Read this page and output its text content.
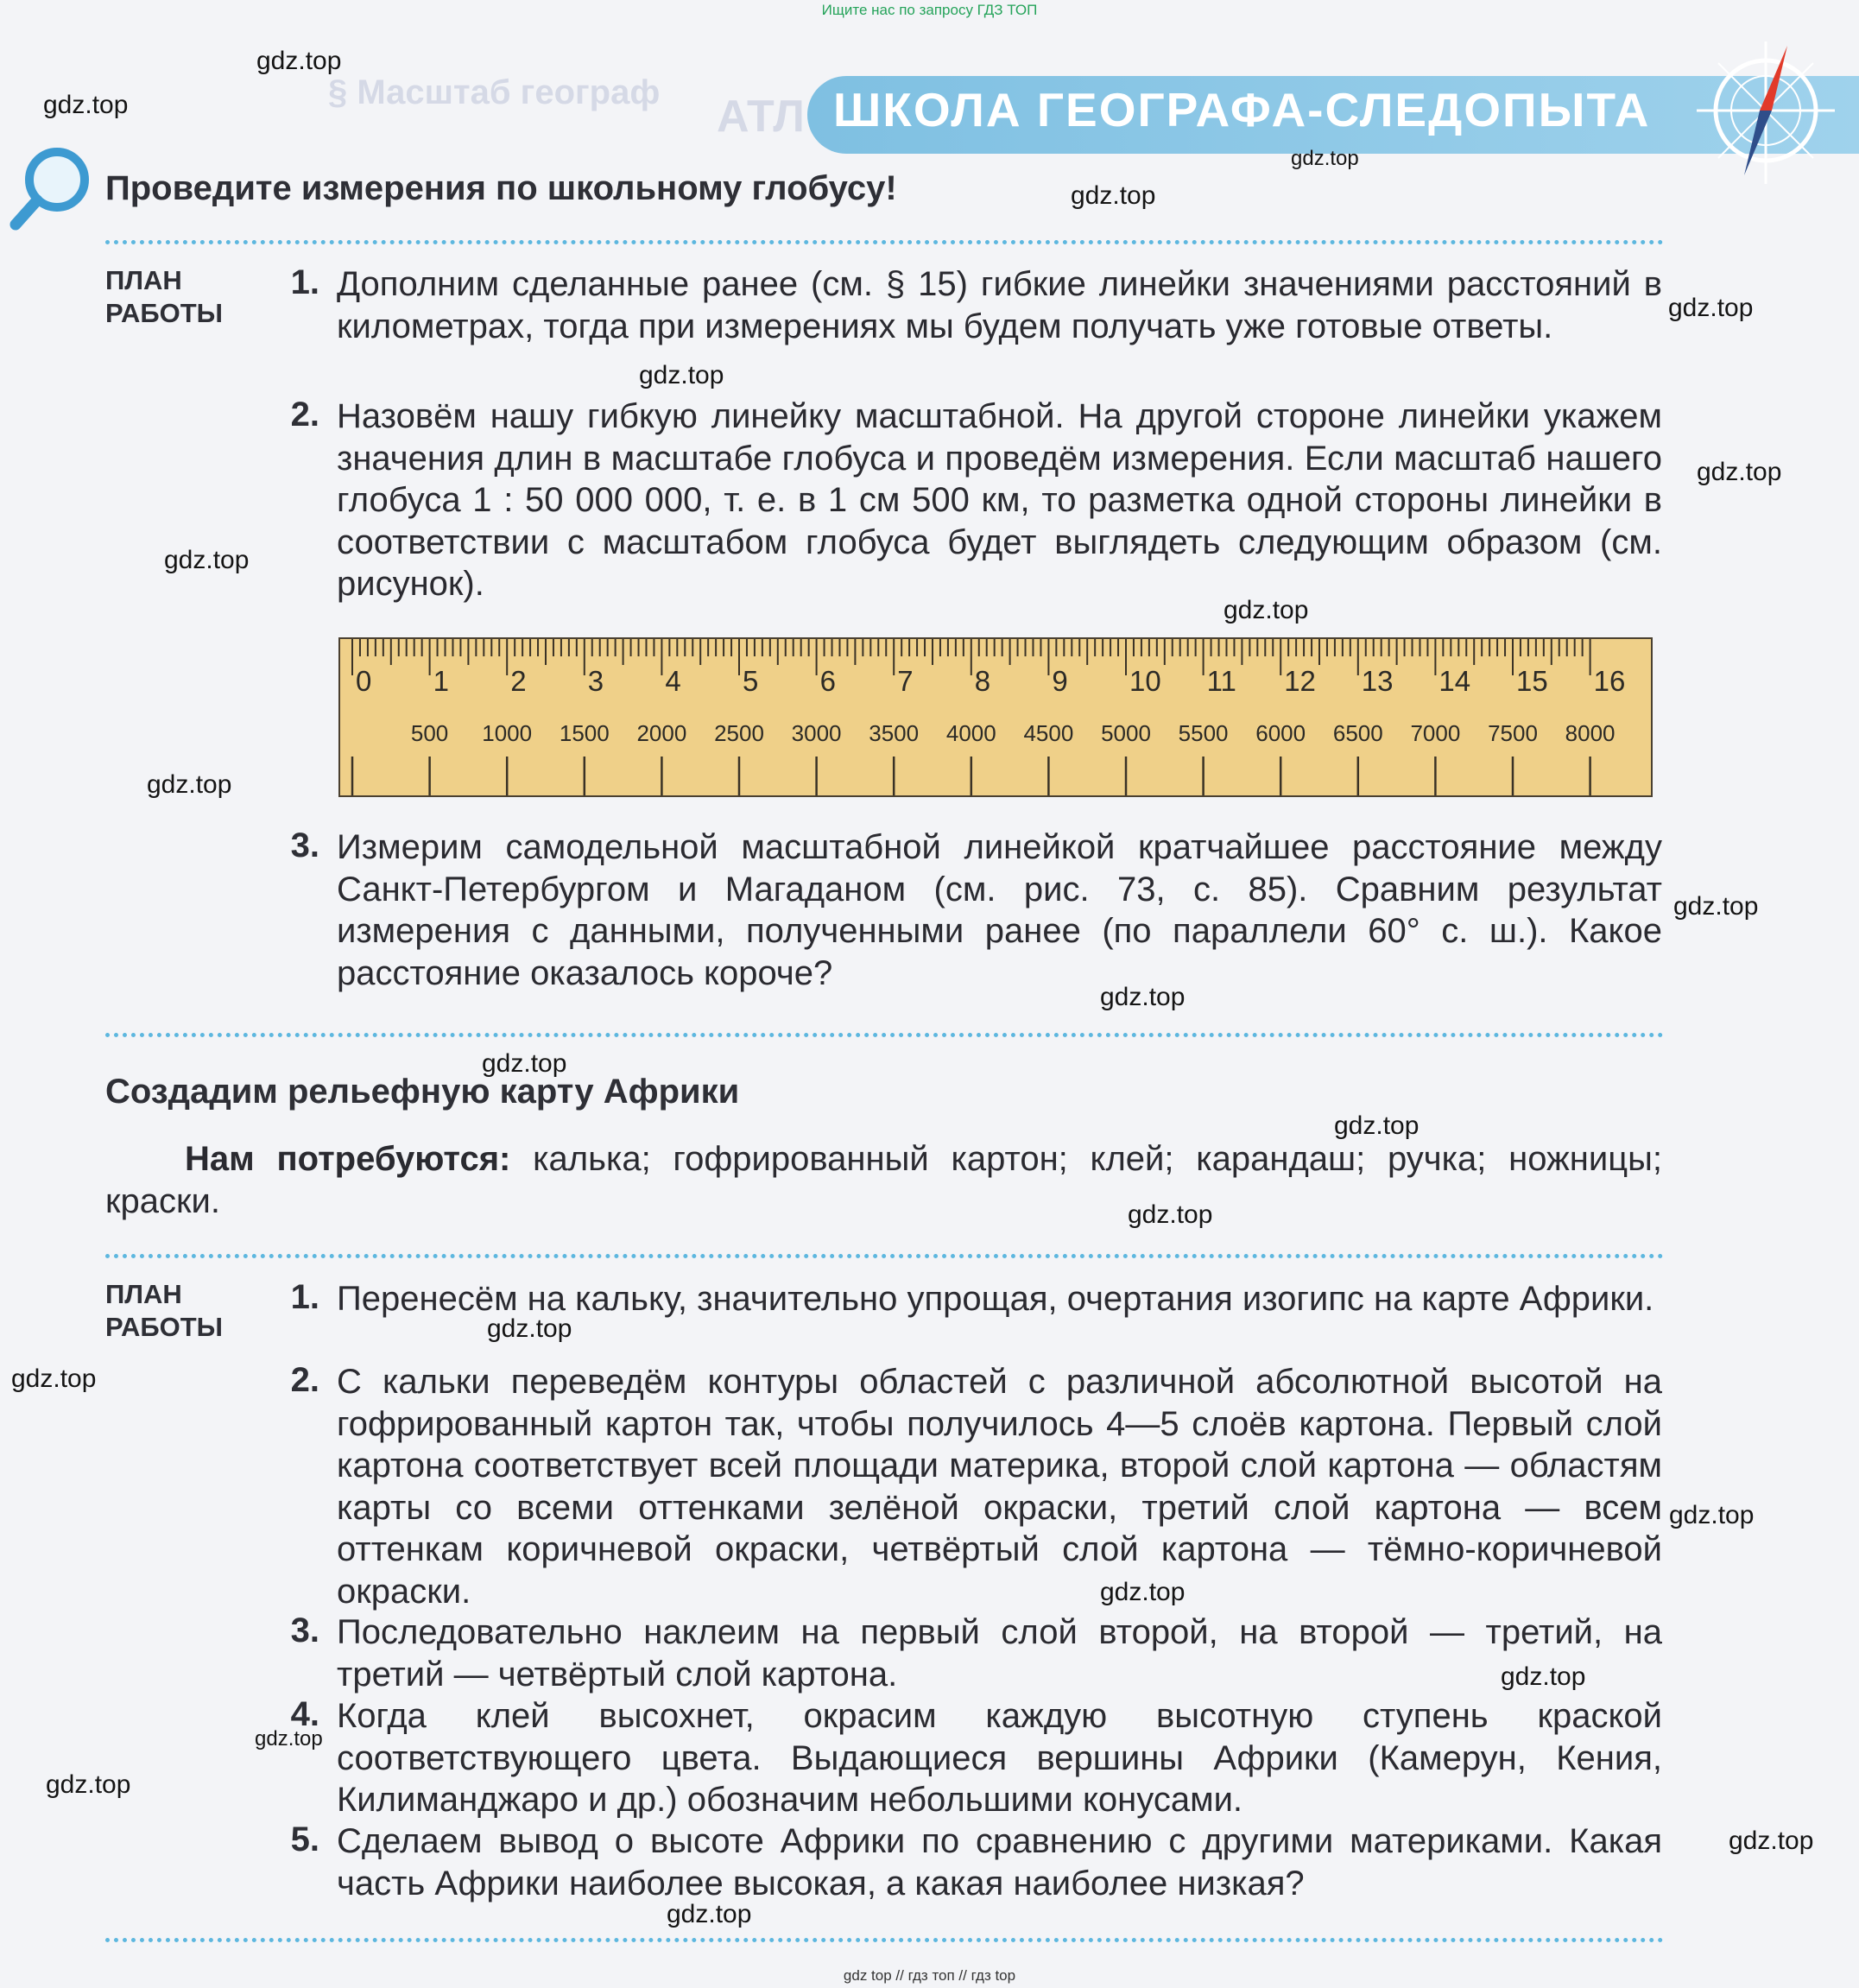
Ищите нас по запросу ГДЗ ТОП
§ Масштаб географ АТЛ ШКОЛА ГЕОГРАФА-СЛЕДОПЫТА
Проведите измерения по школьному глобусу!
ПЛАН
РАБОТЫ
1. Дополним сделанные ранее (см. § 15) гибкие линейки значениями расстояний в километрах, тогда при измерениях мы будем получать уже готовые ответы.
2. Назовём нашу гибкую линейку масштабной. На другой стороне линейки укажем значения длин в масштабе глобуса и проведём измерения. Если масштаб нашего глобуса 1 : 50 000 000, т. е. в 1 см 500 км, то разметка одной стороны линейки в соответствии с масштабом глобуса будет выглядеть следующим образом (см. рисунок).
0 1 2 3 4 5 6 7 8 9 10 11 12 13 14 15 16
500 1000 1500 2000 2500 3000 3500 4000 4500 5000 5500 6000 6500 7000 7500 8000
3. Измерим самодельной масштабной линейкой кратчайшее расстояние между Санкт-Петербургом и Магаданом (см. рис. 73, с. 85). Сравним результат измерения с данными, полученными ранее (по параллели 60° с. ш.). Какое расстояние оказалось короче?
Создадим рельефную карту Африки
Нам потребуются: калька; гофрированный картон; клей; карандаш; ручка; ножницы; краски.
ПЛАН
РАБОТЫ
1. Перенесём на кальку, значительно упрощая, очертания изогипс на карте Африки.
2. С кальки переведём контуры областей с различной абсолютной высотой на гофрированный картон так, чтобы получилось 4—5 слоёв картона. Первый слой картона соответствует всей площади материка, второй слой картона — областям карты со всеми оттенками зелёной окраски, третий слой картона — всем оттенкам коричневой окраски, четвёртый слой картона — тёмно-коричневой окраски.
3. Последовательно наклеим на первый слой второй, на второй — третий, на третий — четвёртый слой картона.
4. Когда клей высохнет, окрасим каждую высотную ступень краской соответствующего цвета. Выдающиеся вершины Африки (Камерун, Кения, Килиманджаро и др.) обозначим небольшими конусами.
5. Сделаем вывод о высоте Африки по сравнению с другими материками. Какая часть Африки наиболее высокая, а какая наиболее низкая?
gdz.top
gdz.top
gdz.top
gdz.top
gdz.top
gdz.top
gdz.top
gdz.top
gdz.top
gdz.top
gdz.top
gdz.top
gdz.top
gdz.top
gdz.top
gdz.top
gdz.top
gdz.top
gdz.top
gdz.top
gdz.top
gdz.top
gdz.top
gdz.top
gdz top // гдз топ // гдз top
